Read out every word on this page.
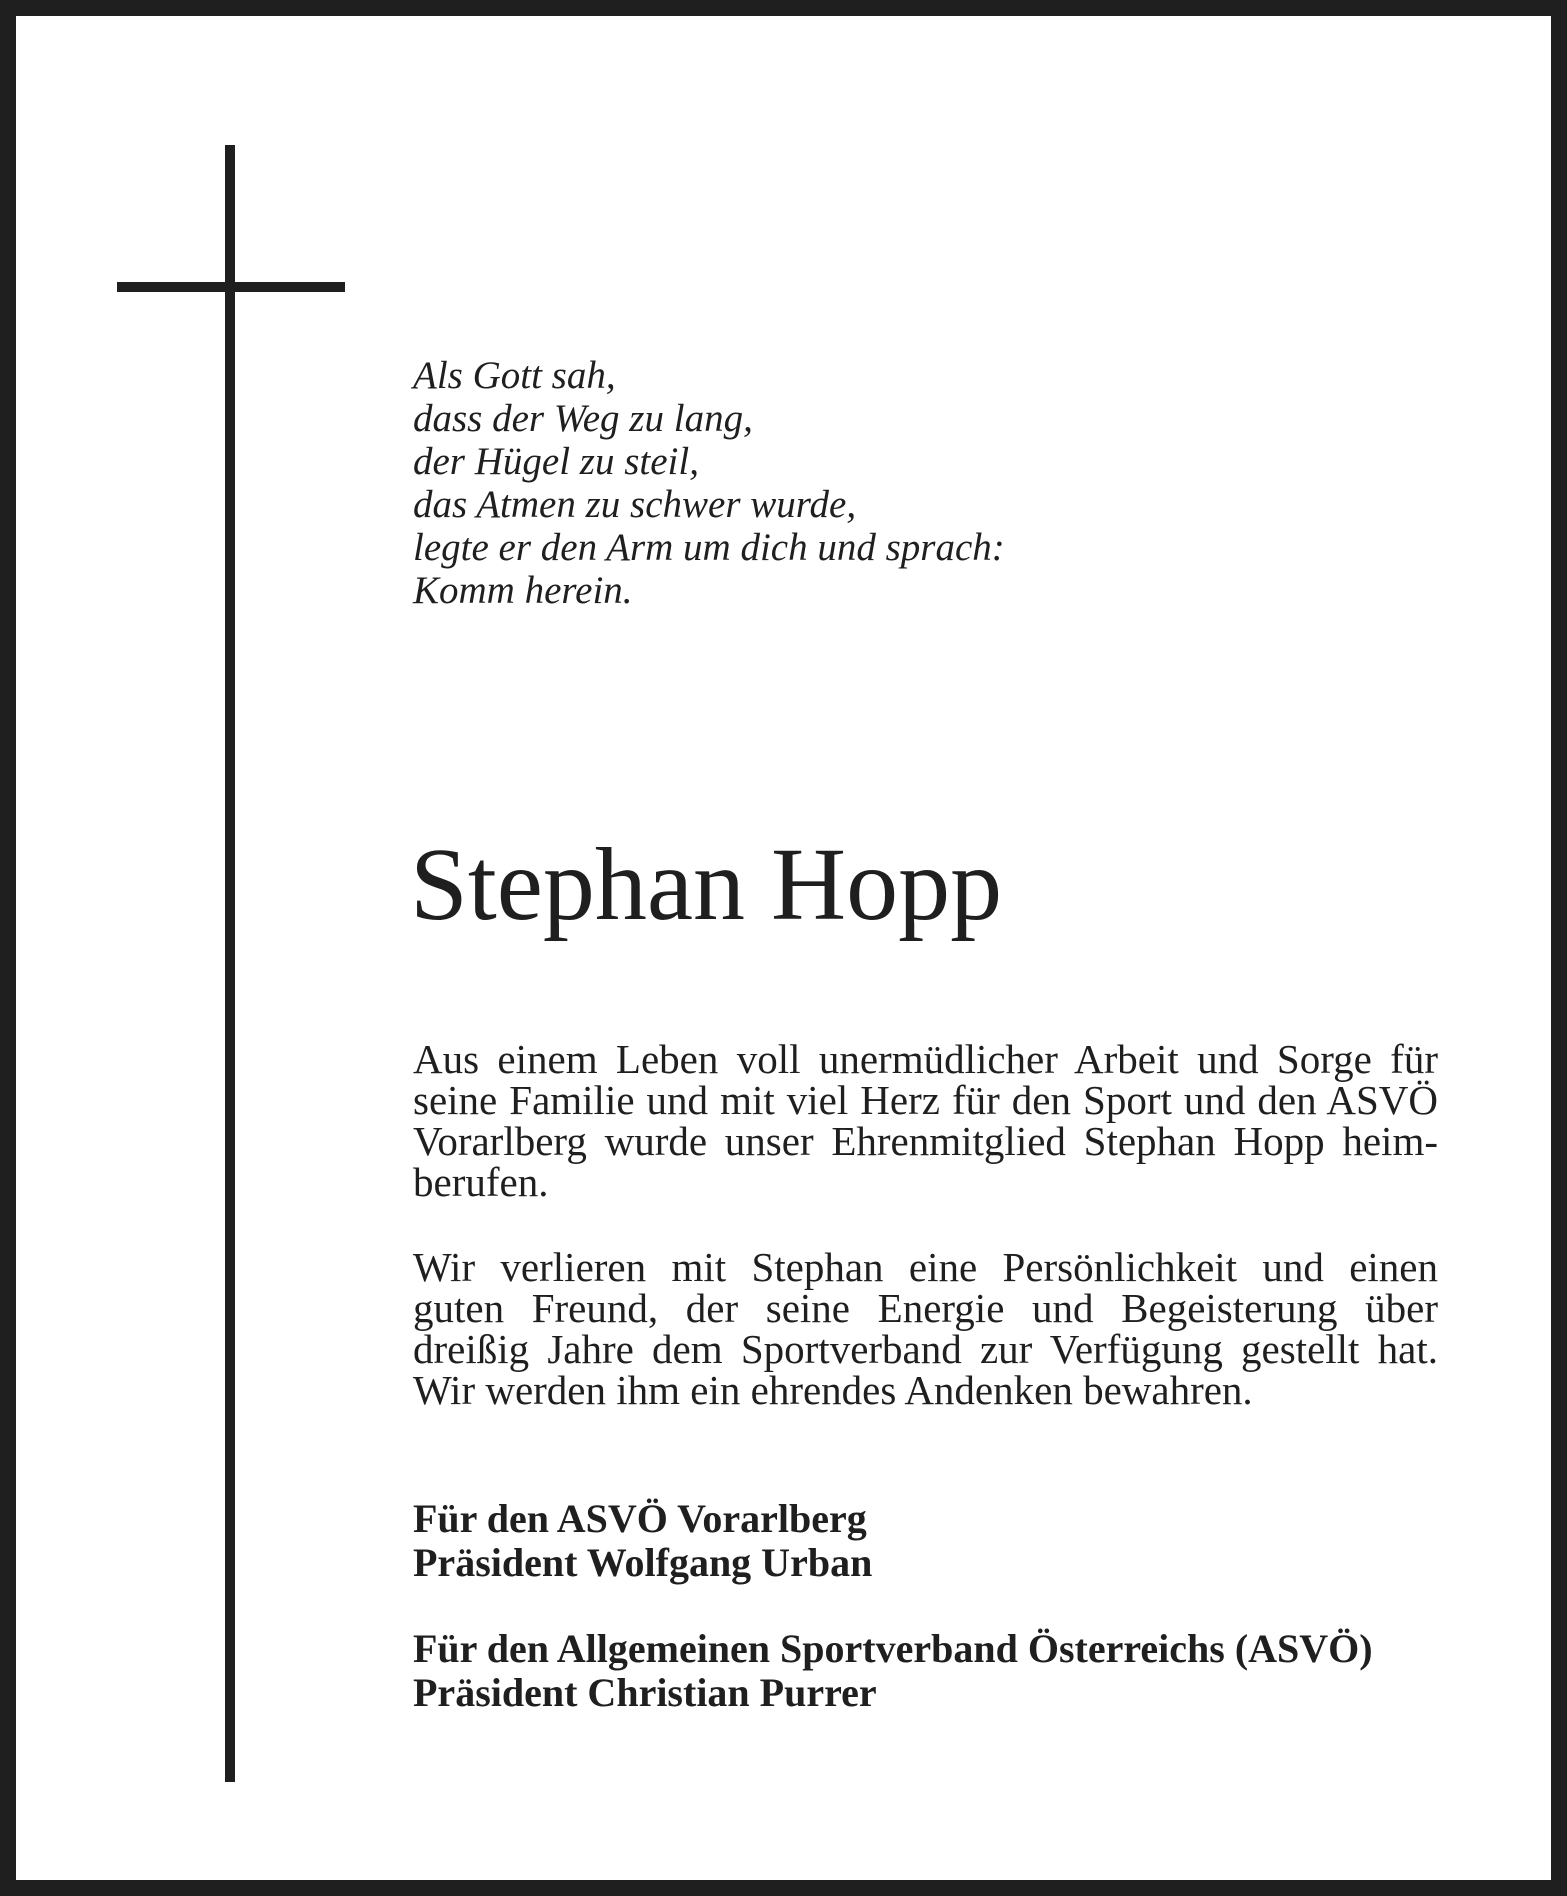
Als Gott sah,
dass der Weg zu lang,
der Hügel zu steil,
das Atmen zu schwer wurde,
legte er den Arm um dich und sprach:
Komm herein.
Stephan Hopp

Aus einem Leben voll unermüdlicher Arbeit und Sorge für
seine Familie und mit viel Herz für den Sport und den ASVÖ
Vorarlberg wurde unser Ehrenmitglied Stephan Hopp heim-
berufen.

Wir verlieren mit Stephan eine Persönlichkeit und einen
guten Freund, der seine Energie und Begeisterung über
dreißig Jahre dem Sportverband zur Verfügung gestellt hat.
Wir werden ihm ein ehrendes Andenken bewahren.

Für den ASVÖ Vorarlberg
Präsident Wolfgang Urban
Für den Allgemeinen Sportverband Österreichs (ASVÖ)
Präsident Christian Purrer
